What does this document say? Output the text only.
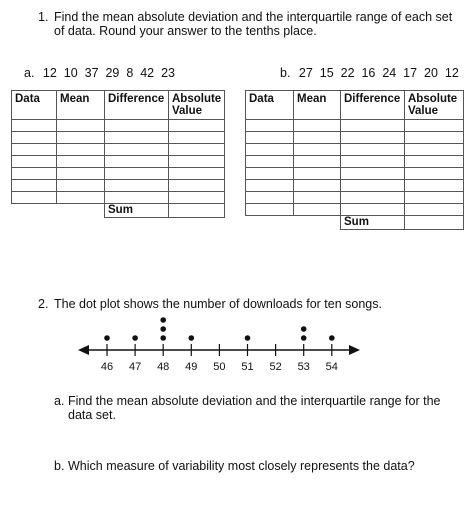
1. Find the mean absolute deviation and the interquartile range of each set
of data. Round your answer to the tenths place.
a. 12  10  37  29  8  42  23	b. 27  15  22  16  24  17  20  12
Data	Mean	Difference	Absolute Value

		Sum	
Data	Mean	Difference	Absolute Value

		Sum	
2. The dot plot shows the number of downloads for ten songs.
46 47 48 49 50 51 52 53 54
a. Find the mean absolute deviation and the interquartile range for the
data set.
b. Which measure of variability most closely represents the data?
